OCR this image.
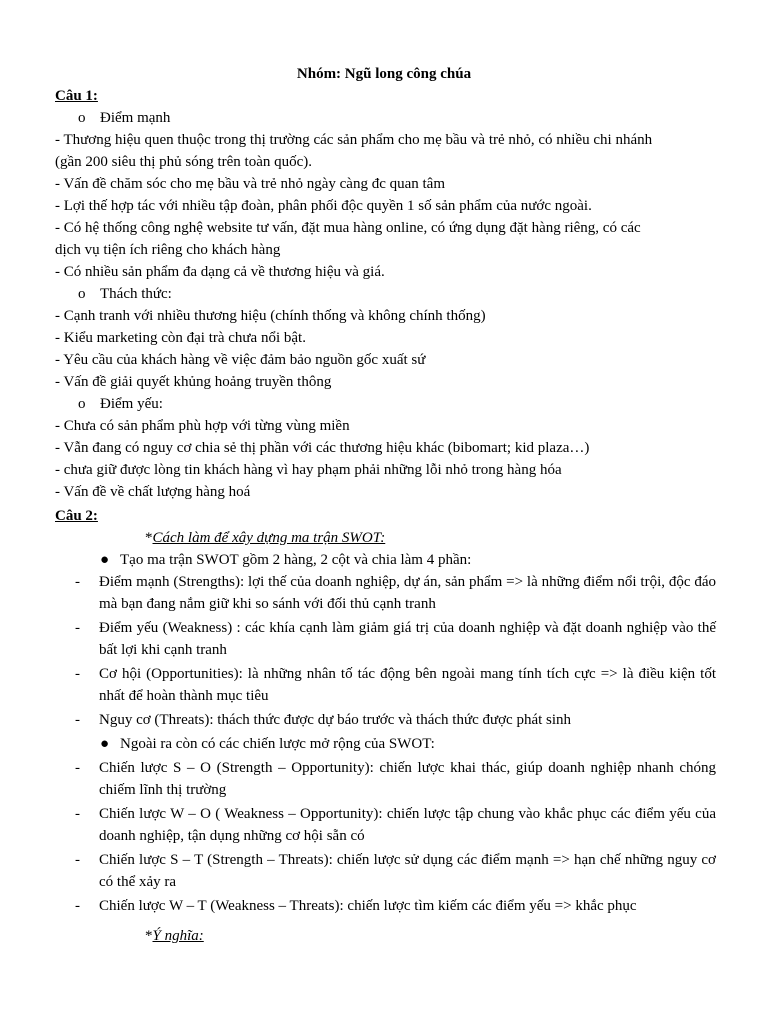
Nhóm: Ngũ long công chúa
Câu 1:
o Điểm mạnh
- Thương hiệu quen thuộc trong thị trường các sản phẩm cho mẹ bầu và trẻ nhỏ, có nhiều chi nhánh
(gần 200 siêu thị phủ sóng trên toàn quốc).
- Vấn đề chăm sóc cho mẹ bầu và trẻ nhỏ ngày càng đc quan tâm
- Lợi thế hợp tác với nhiều tập đoàn, phân phối độc quyền 1 số sản phẩm của nước ngoài.
- Có hệ thống công nghệ website tư vấn, đặt mua hàng online, có ứng dụng đặt hàng riêng, có các
dịch vụ tiện ích riêng cho khách hàng
- Có nhiều sản phẩm đa dạng cả về thương hiệu và giá.
o Thách thức:
- Cạnh tranh với nhiều thương hiệu (chính thống và không chính thống)
- Kiểu marketing còn đại trà chưa nổi bật.
- Yêu cầu của khách hàng về việc đảm bảo nguồn gốc xuất sứ
- Vấn đề giải quyết khủng hoảng truyền thông
o Điểm yếu:
- Chưa có sản phẩm phù hợp với từng vùng miền
- Vẫn đang có nguy cơ chia sẻ thị phần với các thương hiệu khác (bibomart; kid plaza…)
- chưa giữ được lòng tin khách hàng vì hay phạm phải những lỗi nhỏ trong hàng hóa
- Vấn đề về chất lượng hàng hoá
Câu 2:
*Cách làm để xây dựng ma trận SWOT:
● Tạo ma trận SWOT gồm 2 hàng, 2 cột và chia làm 4 phần:
- Điểm mạnh (Strengths): lợi thế của doanh nghiệp, dự án, sản phẩm => là những điểm nổi trội, độc đáo mà bạn đang nắm giữ khi so sánh với đối thủ cạnh tranh
- Điểm yếu (Weakness) : các khía cạnh làm giảm giá trị của doanh nghiệp và đặt doanh nghiệp vào thế bất lợi khi cạnh tranh
- Cơ hội (Opportunities): là những nhân tố tác động bên ngoài mang tính tích cực => là điều kiện tốt nhất để hoàn thành mục tiêu
- Nguy cơ (Threats): thách thức được dự báo trước và thách thức được phát sinh
● Ngoài ra còn có các chiến lược mở rộng của SWOT:
- Chiến lược S – O (Strength – Opportunity): chiến lược khai thác, giúp doanh nghiệp nhanh chóng chiếm lĩnh thị trường
- Chiến lược W – O ( Weakness – Opportunity): chiến lược tập chung vào khắc phục các điểm yếu của doanh nghiệp, tận dụng những cơ hội sẵn có
- Chiến lược S – T (Strength – Threats): chiến lược sử dụng các điểm mạnh => hạn chế những nguy cơ có thể xảy ra
- Chiến lược W – T (Weakness – Threats): chiến lược tìm kiếm các điểm yếu => khắc phục
*Ý nghĩa:
